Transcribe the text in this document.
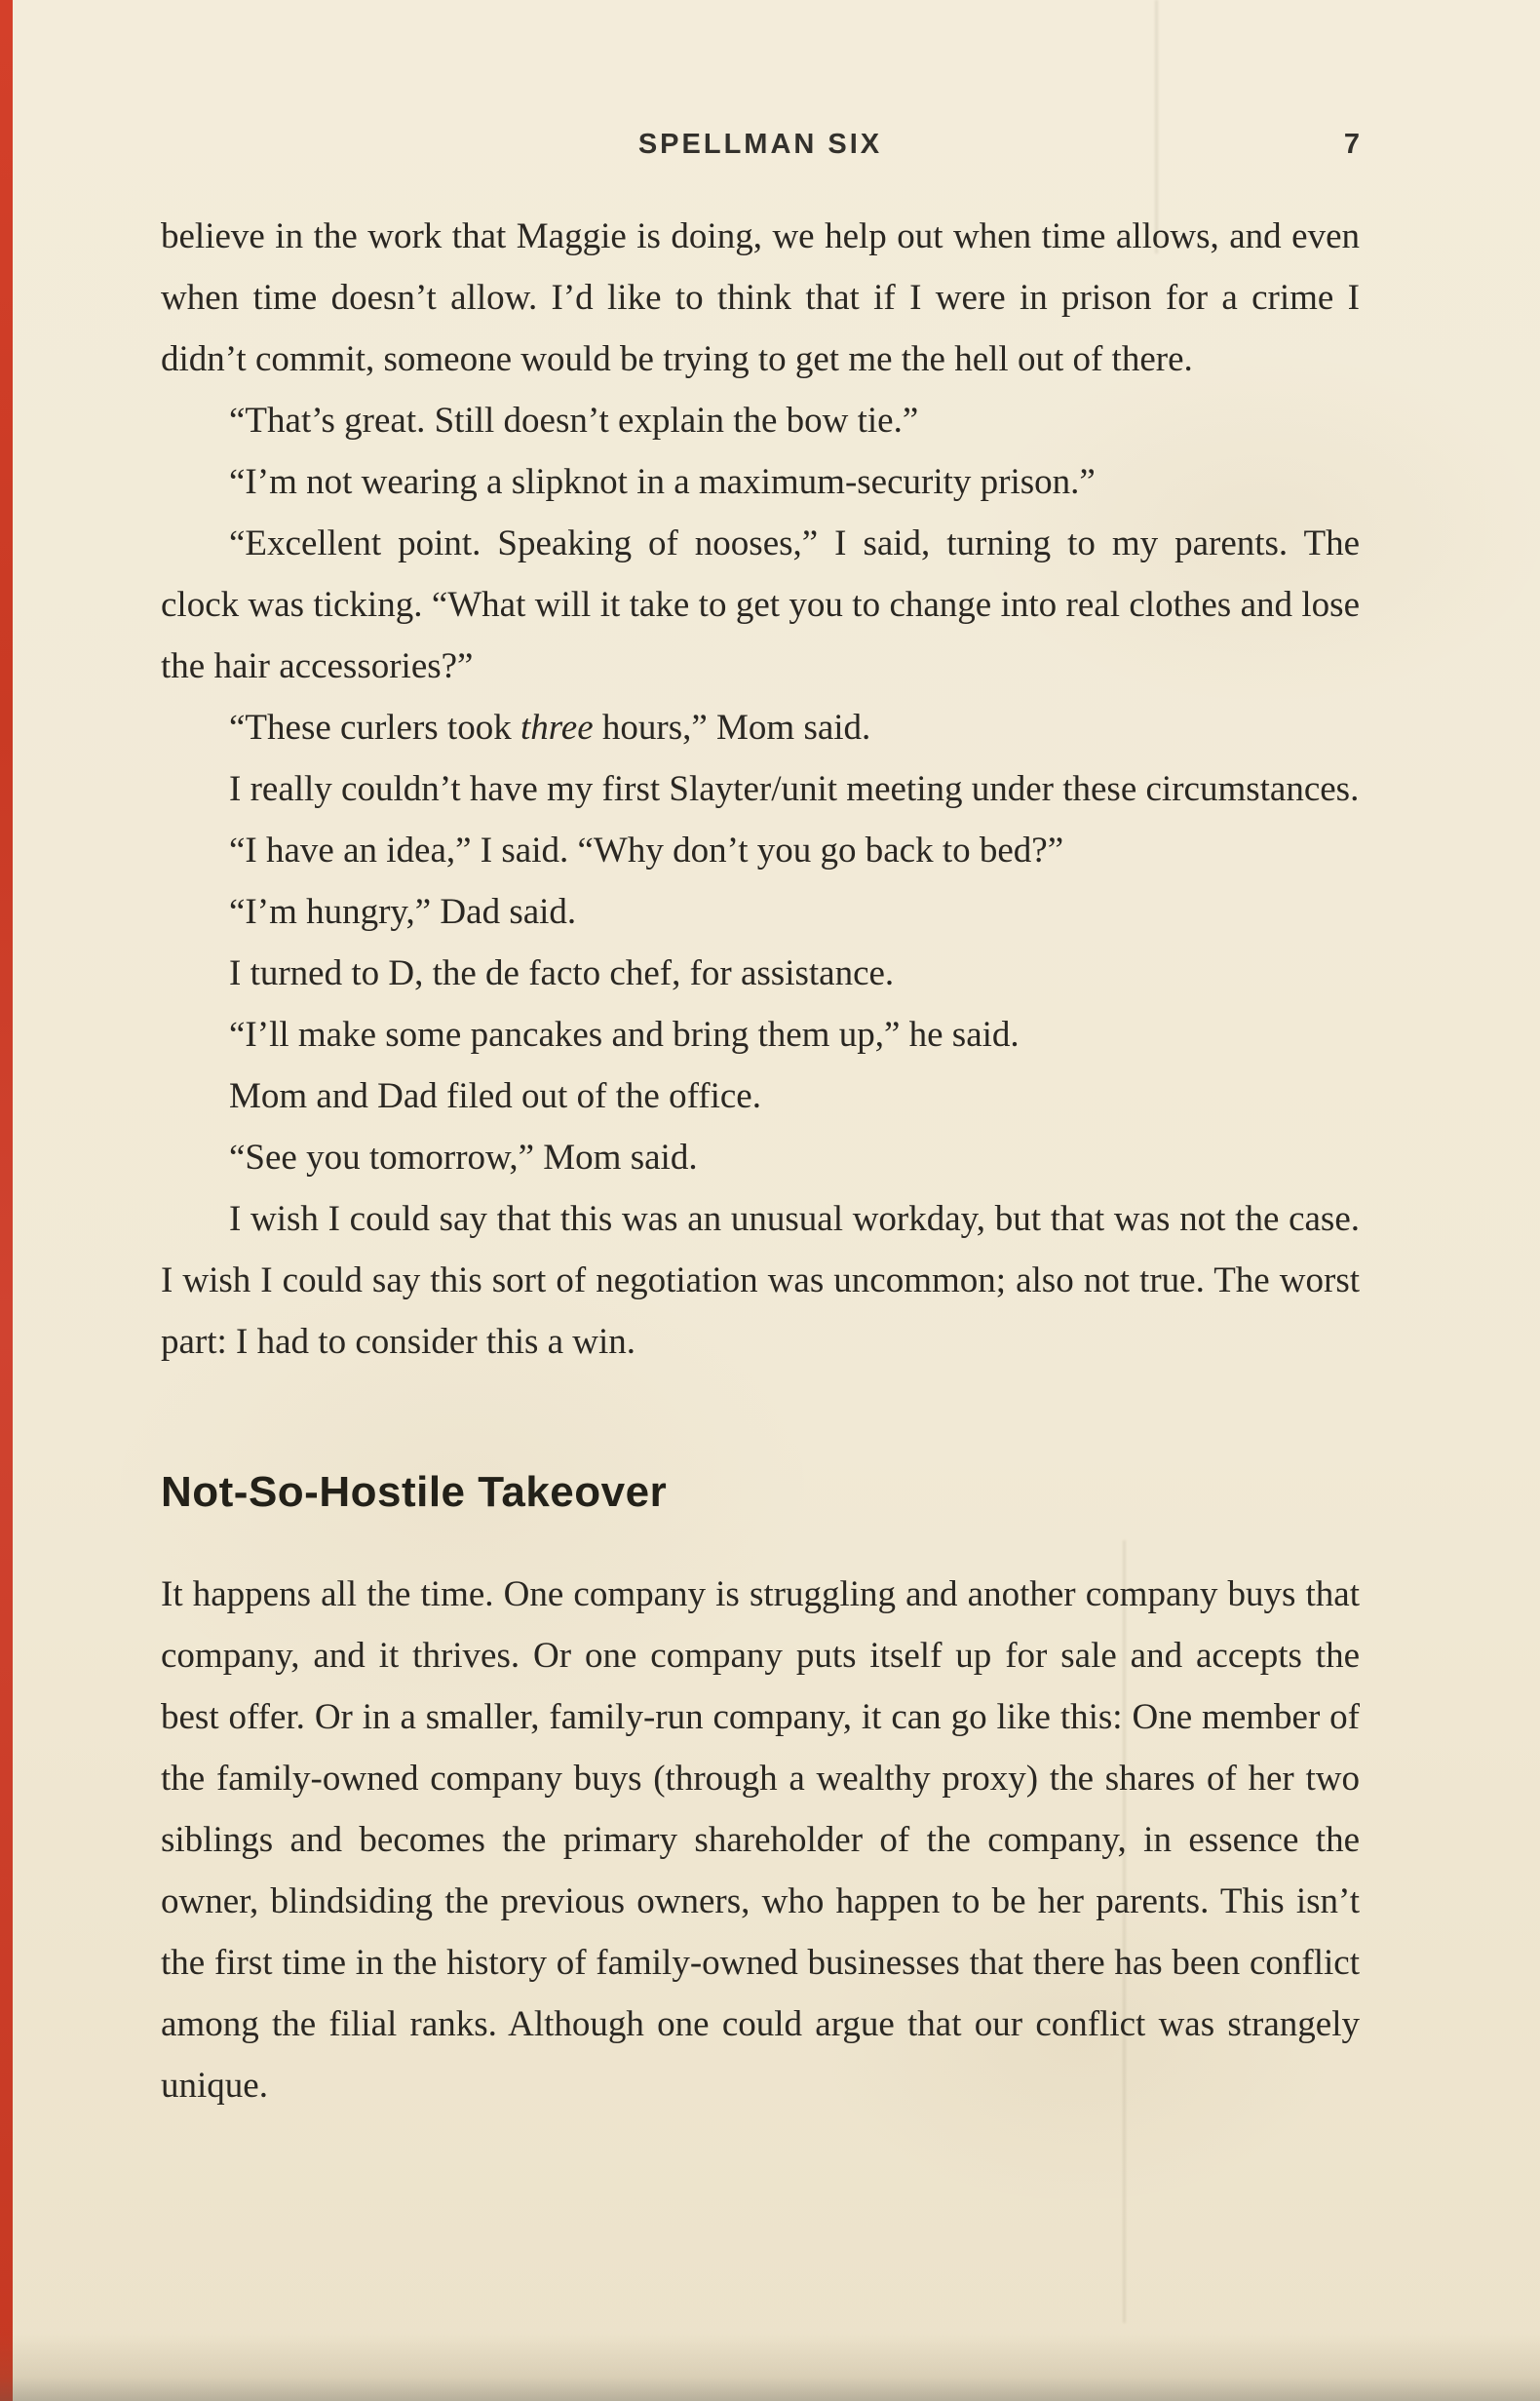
SPELLMAN SIX	7

believe in the work that Maggie is doing, we help out when time allows, and even when time doesn’t allow. I’d like to think that if I were in prison for a crime I didn’t commit, someone would be trying to get me the hell out of there.

“That’s great. Still doesn’t explain the bow tie.”

“I’m not wearing a slipknot in a maximum-security prison.”

“Excellent point. Speaking of nooses,” I said, turning to my parents. The clock was ticking. “What will it take to get you to change into real clothes and lose the hair accessories?”

“These curlers took three hours,” Mom said.

I really couldn’t have my first Slayter/unit meeting under these circumstances.

“I have an idea,” I said. “Why don’t you go back to bed?”

“I’m hungry,” Dad said.

I turned to D, the de facto chef, for assistance.

“I’ll make some pancakes and bring them up,” he said.

Mom and Dad filed out of the office.

“See you tomorrow,” Mom said.

I wish I could say that this was an unusual workday, but that was not the case. I wish I could say this sort of negotiation was uncommon; also not true. The worst part: I had to consider this a win.

Not-So-Hostile Takeover

It happens all the time. One company is struggling and another company buys that company, and it thrives. Or one company puts itself up for sale and accepts the best offer. Or in a smaller, family-run company, it can go like this: One member of the family-owned company buys (through a wealthy proxy) the shares of her two siblings and becomes the primary shareholder of the company, in essence the owner, blindsiding the previous owners, who happen to be her parents. This isn’t the first time in the history of family-owned businesses that there has been conflict among the filial ranks. Although one could argue that our conflict was strangely unique.
